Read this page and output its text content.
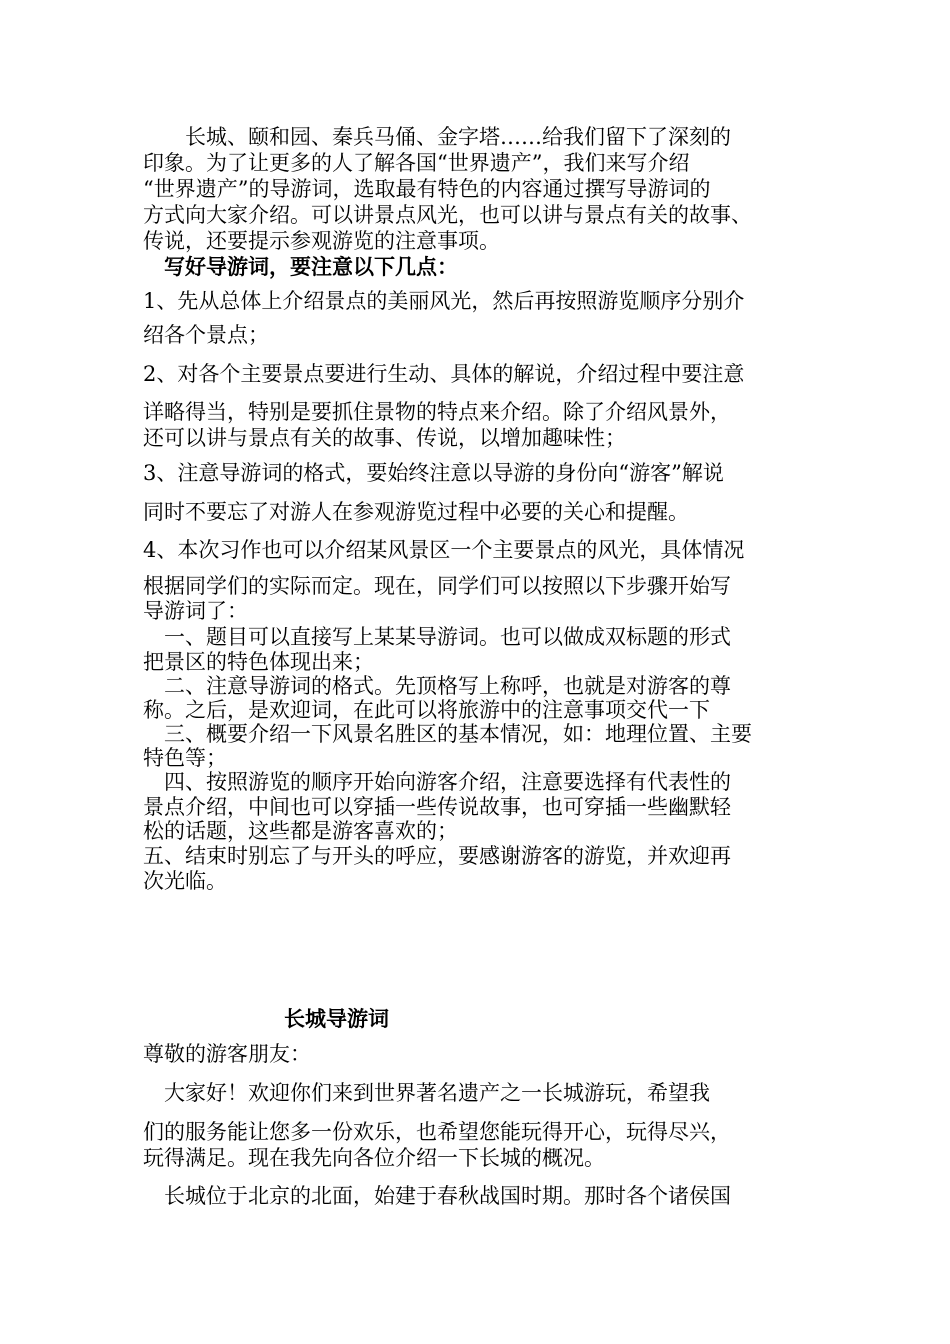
　　长城、颐和园、秦兵马俑、金字塔……给我们留下了深刻的
印象。为了让更多的人了解各国“世界遗产”，我们来写介绍
“世界遗产”的导游词，选取最有特色的内容通过撰写导游词的
方式向大家介绍。可以讲景点风光，也可以讲与景点有关的故事、
传说，还要提示参观游览的注意事项。
　写好导游词，要注意以下几点：
1、先从总体上介绍景点的美丽风光，然后再按照游览顺序分别介
绍各个景点；
2、对各个主要景点要进行生动、具体的解说，介绍过程中要注意
详略得当，特别是要抓住景物的特点来介绍。除了介绍风景外，
还可以讲与景点有关的故事、传说，以增加趣味性；
3、注意导游词的格式，要始终注意以导游的身份向“游客”解说
同时不要忘了对游人在参观游览过程中必要的关心和提醒。
4、本次习作也可以介绍某风景区一个主要景点的风光，具体情况
根据同学们的实际而定。现在，同学们可以按照以下步骤开始写
导游词了：
　一、题目可以直接写上某某导游词。也可以做成双标题的形式
把景区的特色体现出来；
　二、注意导游词的格式。先顶格写上称呼，也就是对游客的尊
称。之后，是欢迎词，在此可以将旅游中的注意事项交代一下
　三、概要介绍一下风景名胜区的基本情况，如：地理位置、主要
特色等；
　四、按照游览的顺序开始向游客介绍，注意要选择有代表性的
景点介绍，中间也可以穿插一些传说故事，也可穿插一些幽默轻
松的话题，这些都是游客喜欢的；
五、结束时别忘了与开头的呼应，要感谢游客的游览，并欢迎再
次光临。
长城导游词
尊敬的游客朋友：
　大家好！欢迎你们来到世界著名遗产之一长城游玩，希望我
们的服务能让您多一份欢乐，也希望您能玩得开心，玩得尽兴，
玩得满足。现在我先向各位介绍一下长城的概况。
　长城位于北京的北面，始建于春秋战国时期。那时各个诸侯国
